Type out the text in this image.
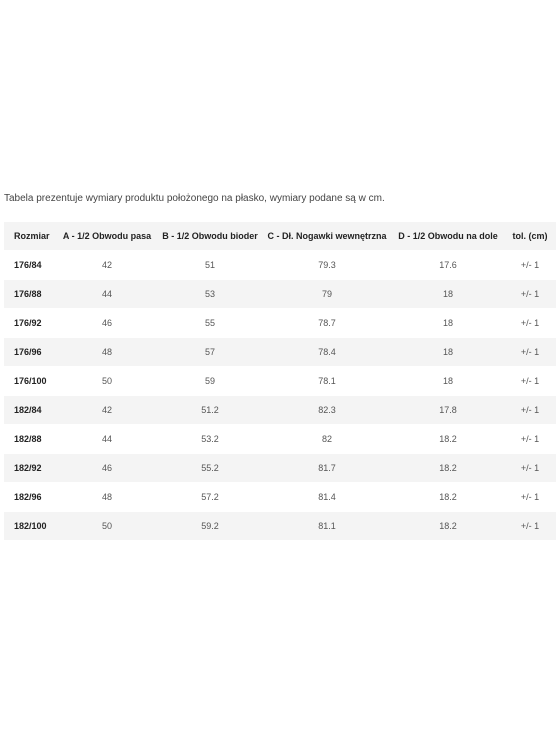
Tabela prezentuje wymiary produktu położonego na płasko, wymiary podane są w cm.

Rozmiar	A - 1/2 Obwodu pasa	B - 1/2 Obwodu bioder	C - Dł. Nogawki wewnętrzna	D - 1/2 Obwodu na dole	tol. (cm)
176/84	42	51	79.3	17.6	+/- 1
176/88	44	53	79	18	+/- 1
176/92	46	55	78.7	18	+/- 1
176/96	48	57	78.4	18	+/- 1
176/100	50	59	78.1	18	+/- 1
182/84	42	51.2	82.3	17.8	+/- 1
182/88	44	53.2	82	18.2	+/- 1
182/92	46	55.2	81.7	18.2	+/- 1
182/96	48	57.2	81.4	18.2	+/- 1
182/100	50	59.2	81.1	18.2	+/- 1
